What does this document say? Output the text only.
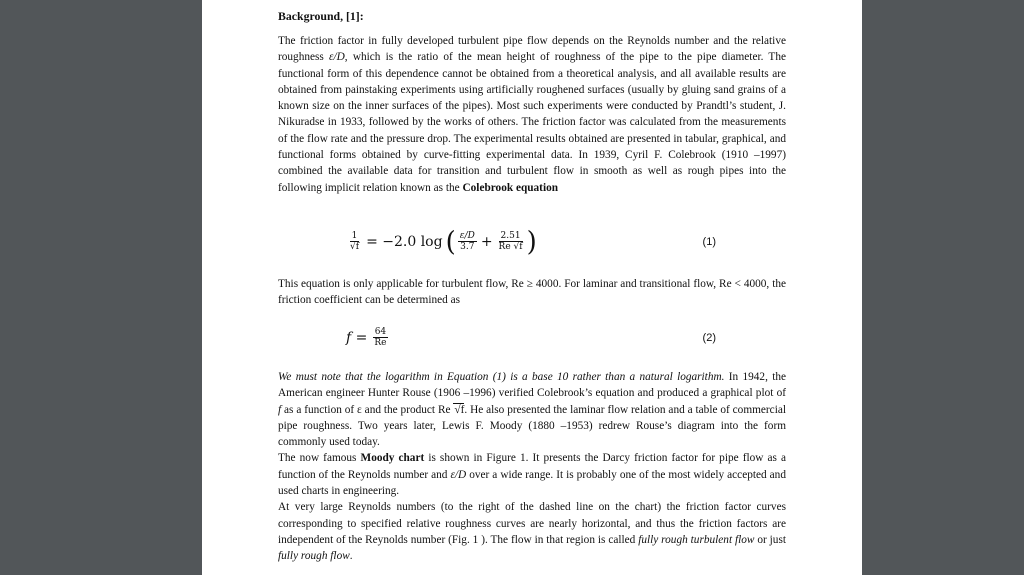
Background, [1]:

The friction factor in fully developed turbulent pipe flow depends on the Reynolds number and the relative roughness ε/D, which is the ratio of the mean height of roughness of the pipe to the pipe diameter. The functional form of this dependence cannot be obtained from a theoretical analysis, and all available results are obtained from painstaking experiments using artificially roughened surfaces (usually by gluing sand grains of a known size on the inner surfaces of the pipes). Most such experiments were conducted by Prandtl’s student, J. Nikuradse in 1933, followed by the works of others. The friction factor was calculated from the measurements of the flow rate and the pressure drop. The experimental results obtained are presented in tabular, graphical, and functional forms obtained by curve-fitting experimental data. In 1939, Cyril F. Colebrook (1910 –1997) combined the available data for transition and turbulent flow in smooth as well as rough pipes into the following implicit relation known as the Colebrook equation

$\frac{1}{√f} = -2.0$ log ( $\frac{\varepsilon/D}{3.7} + \frac{2.51}{Re √f}$ )	(1)

This equation is only applicable for turbulent flow, Re ≥ 4000. For laminar and transitional flow, Re < 4000, the friction coefficient can be determined as

$f = \frac{64}{Re}$	(2)

We must note that the logarithm in Equation (1) is a base 10 rather than a natural logarithm. In 1942, the American engineer Hunter Rouse (1906 –1996) verified Colebrook’s equation and produced a graphical plot of f as a function of ε and the product Re √f. He also presented the laminar flow relation and a table of commercial pipe roughness. Two years later, Lewis F. Moody (1880 –1953) redrew Rouse’s diagram into the form commonly used today.

The now famous Moody chart is shown in Figure 1. It presents the Darcy friction factor for pipe flow as a function of the Reynolds number and ε/D over a wide range. It is probably one of the most widely accepted and used charts in engineering.

At very large Reynolds numbers (to the right of the dashed line on the chart) the friction factor curves corresponding to specified relative roughness curves are nearly horizontal, and thus the friction factors are independent of the Reynolds number (Fig. 1 ). The flow in that region is called fully rough turbulent flow or just fully rough flow.
